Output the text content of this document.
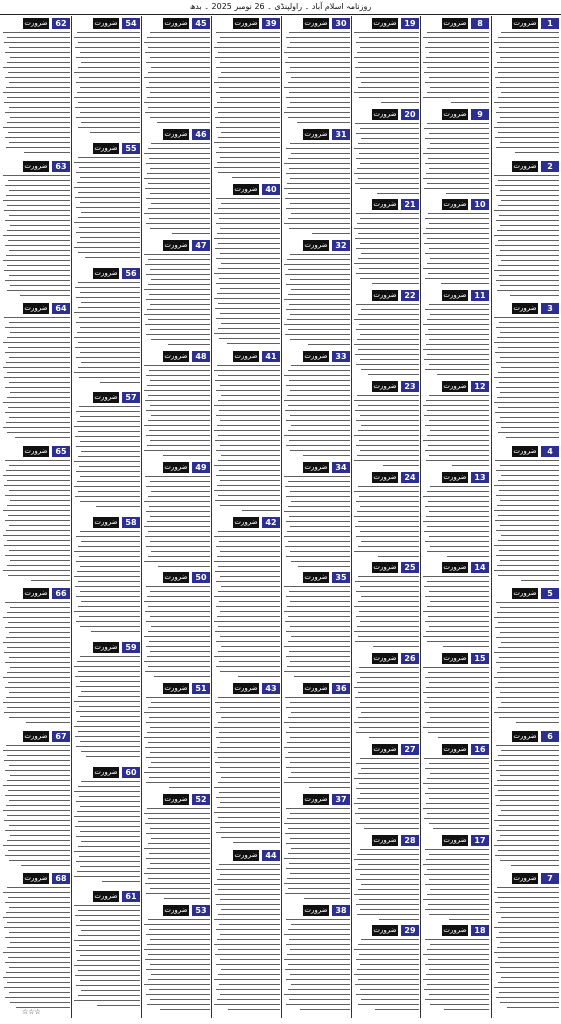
روزنامہ اسلام آباد ۔ راولپنڈی ۔ 26 نومبر 2025 ۔ بدھ
1
ضرورت
2
ضرورت
3
ضرورت
4
ضرورت
5
ضرورت
6
ضرورت
7
ضرورت
8
ضرورت
9
ضرورت
10
ضرورت
11
ضرورت
12
ضرورت
13
ضرورت
14
ضرورت
15
ضرورت
16
ضرورت
17
ضرورت
18
ضرورت
19
ضرورت
20
ضرورت
21
ضرورت
22
ضرورت
23
ضرورت
24
ضرورت
25
ضرورت
26
ضرورت
27
ضرورت
28
ضرورت
29
ضرورت
30
ضرورت
31
ضرورت
32
ضرورت
33
ضرورت
34
ضرورت
35
ضرورت
36
ضرورت
37
ضرورت
38
ضرورت
39
ضرورت
40
ضرورت
41
ضرورت
42
ضرورت
43
ضرورت
44
ضرورت
45
ضرورت
46
ضرورت
47
ضرورت
48
ضرورت
49
ضرورت
50
ضرورت
51
ضرورت
52
ضرورت
53
ضرورت
54
ضرورت
55
ضرورت
56
ضرورت
57
ضرورت
58
ضرورت
59
ضرورت
60
ضرورت
61
ضرورت
62
ضرورت
63
ضرورت
64
ضرورت
65
ضرورت
66
ضرورت
67
ضرورت
68
ضرورت
☆☆☆
